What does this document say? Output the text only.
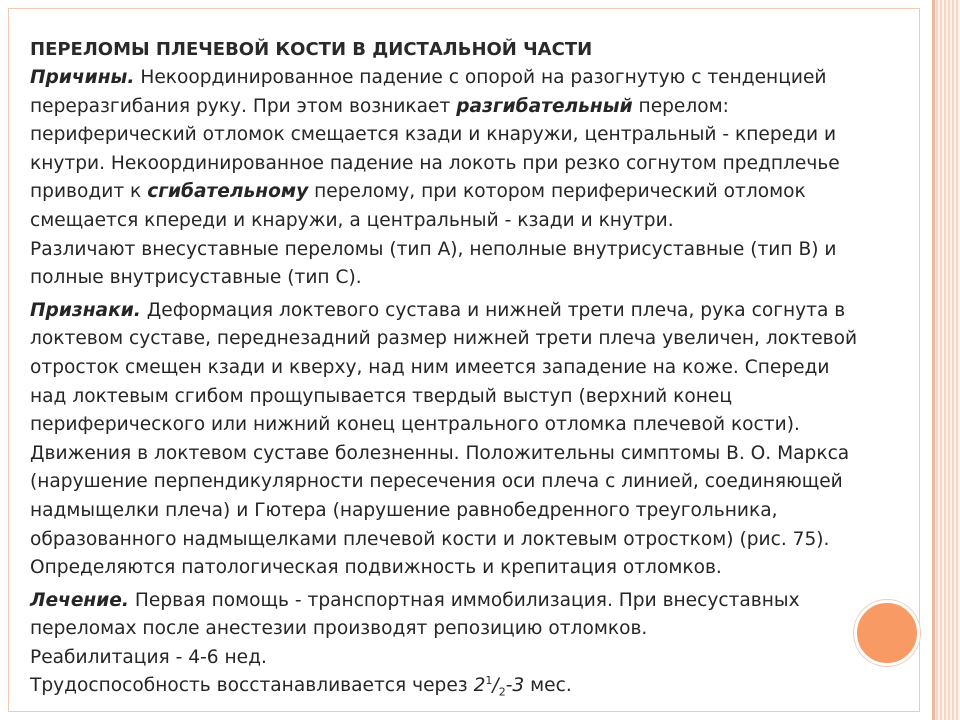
ПЕРЕЛОМЫ ПЛЕЧЕВОЙ КОСТИ В ДИСТАЛЬНОЙ ЧАСТИ

Причины. Некоординированное падение с опорой на разогнутую с тенденцией переразгибания руку. При этом возникает разгибательный перелом: периферический отломок смещается кзади и кнаружи, центральный - кпереди и кнутри. Некоординированное падение на локоть при резко согнутом предплечье приводит к сгибательному перелому, при котором периферический отломок смещается кпереди и кнаружи, а центральный - кзади и кнутри.

Различают внесуставные переломы (тип А), неполные внутрисуставные (тип В) и полные внутрисуставные (тип С).

Признаки. Деформация локтевого сустава и нижней трети плеча, рука согнута в локтевом суставе, переднезадний размер нижней трети плеча увеличен, локтевой отросток смещен кзади и кверху, над ним имеется западение на коже. Спереди над локтевым сгибом прощупывается твердый выступ (верхний конец периферического или нижний конец центрального отломка плечевой кости). Движения в локтевом суставе болезненны. Положительны симптомы В. О. Маркса (нарушение перпендикулярности пересечения оси плеча с линией, соединяющей надмыщелки плеча) и Гютера (нарушение равнобедренного треугольника, образованного надмыщелками плечевой кости и локтевым отростком) (рис. 75). Определяются патологическая подвижность и крепитация отломков.

Лечение. Первая помощь - транспортная иммобилизация. При внесуставных переломах после анестезии производят репозицию отломков.

Реабилитация - 4-6 нед.

Трудоспособность восстанавливается через $2^1/_2-3$ мес.
